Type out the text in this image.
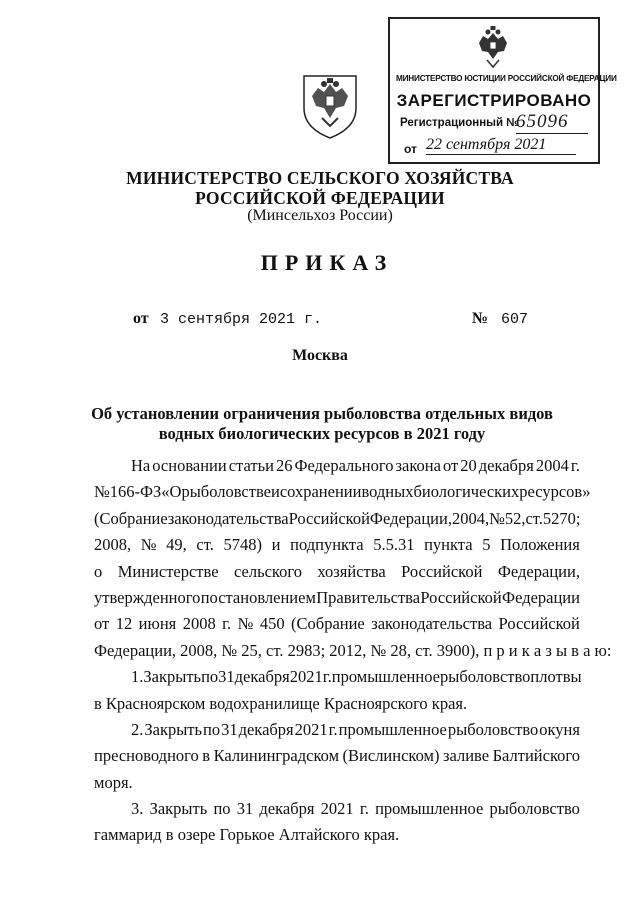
МИНИСТЕРСТВО ЮСТИЦИИ РОССИЙСКОЙ ФЕДЕРАЦИИ
ЗАРЕГИСТРИРОВАНО
Регистрационный №
65096
от 22 сентября 2021
МИНИСТЕРСТВО СЕЛЬСКОГО ХОЗЯЙСТВА
РОССИЙСКОЙ ФЕДЕРАЦИИ
(Минсельхоз России)
ПРИКАЗ
от 3 сентября 2021 г.	№ 607
Москва
Об установлении ограничения рыболовства отдельных видов
водных биологических ресурсов в 2021 году
На основании статьи 26 Федерального закона от 20 декабря 2004 г.
№ 166-ФЗ «О рыболовстве и сохранении водных биологических ресурсов»
(Собрание законодательства Российской Федерации, 2004, № 52, ст. 5270;
2008, № 49, ст. 5748) и подпункта 5.5.31 пункта 5 Положения
о Министерстве сельского хозяйства Российской Федерации,
утвержденного постановлением Правительства Российской Федерации
от 12 июня 2008 г. № 450 (Собрание законодательства Российской
Федерации, 2008, № 25, ст. 2983; 2012, № 28, ст. 3900), п р и к а з ы в а ю:
1. Закрыть по 31 декабря 2021 г. промышленное рыболовство плотвы
в Красноярском водохранилище Красноярского края.
2. Закрыть по 31 декабря 2021 г. промышленное рыболовство окуня
пресноводного в Калининградском (Вислинском) заливе Балтийского
моря.
3. Закрыть по 31 декабря 2021 г. промышленное рыболовство
гаммарид в озере Горькое Алтайского края.
